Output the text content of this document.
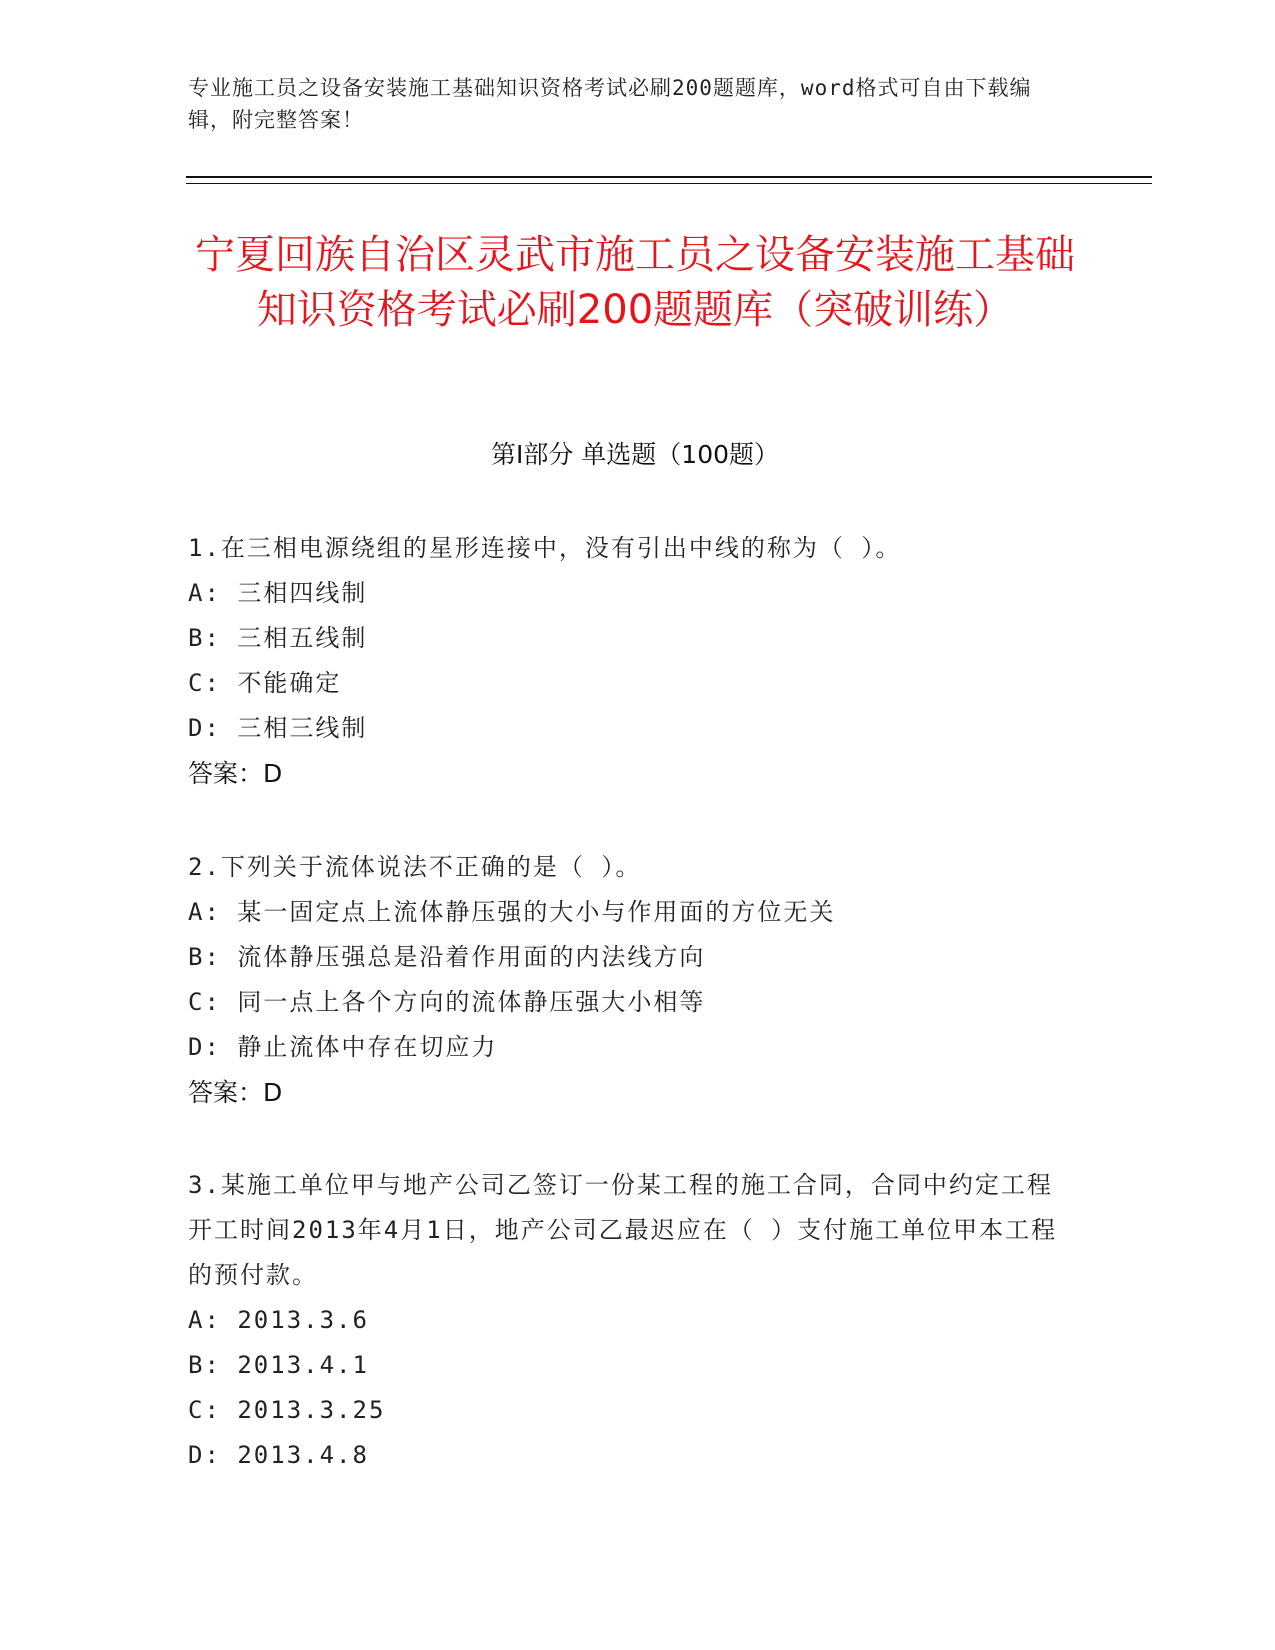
专业施工员之设备安装施工基础知识资格考试必刷200题题库，word格式可自由下载编辑，附完整答案！
宁夏回族自治区灵武市施工员之设备安装施工基础知识资格考试必刷200题题库（突破训练）
第I部分 单选题（100题）

1.在三相电源绕组的星形连接中，没有引出中线的称为（ ）。

A: 三相四线制

B: 三相五线制

C: 不能确定

D: 三相三线制

答案：D

2.下列关于流体说法不正确的是（ ）。

A: 某一固定点上流体静压强的大小与作用面的方位无关

B: 流体静压强总是沿着作用面的内法线方向

C: 同一点上各个方向的流体静压强大小相等

D: 静止流体中存在切应力

答案：D

3.某施工单位甲与地产公司乙签订一份某工程的施工合同，合同中约定工程开工时间2013年4月1日，地产公司乙最迟应在（ ）支付施工单位甲本工程的预付款。

A: 2013.3.6

B: 2013.4.1

C: 2013.3.25

D: 2013.4.8
